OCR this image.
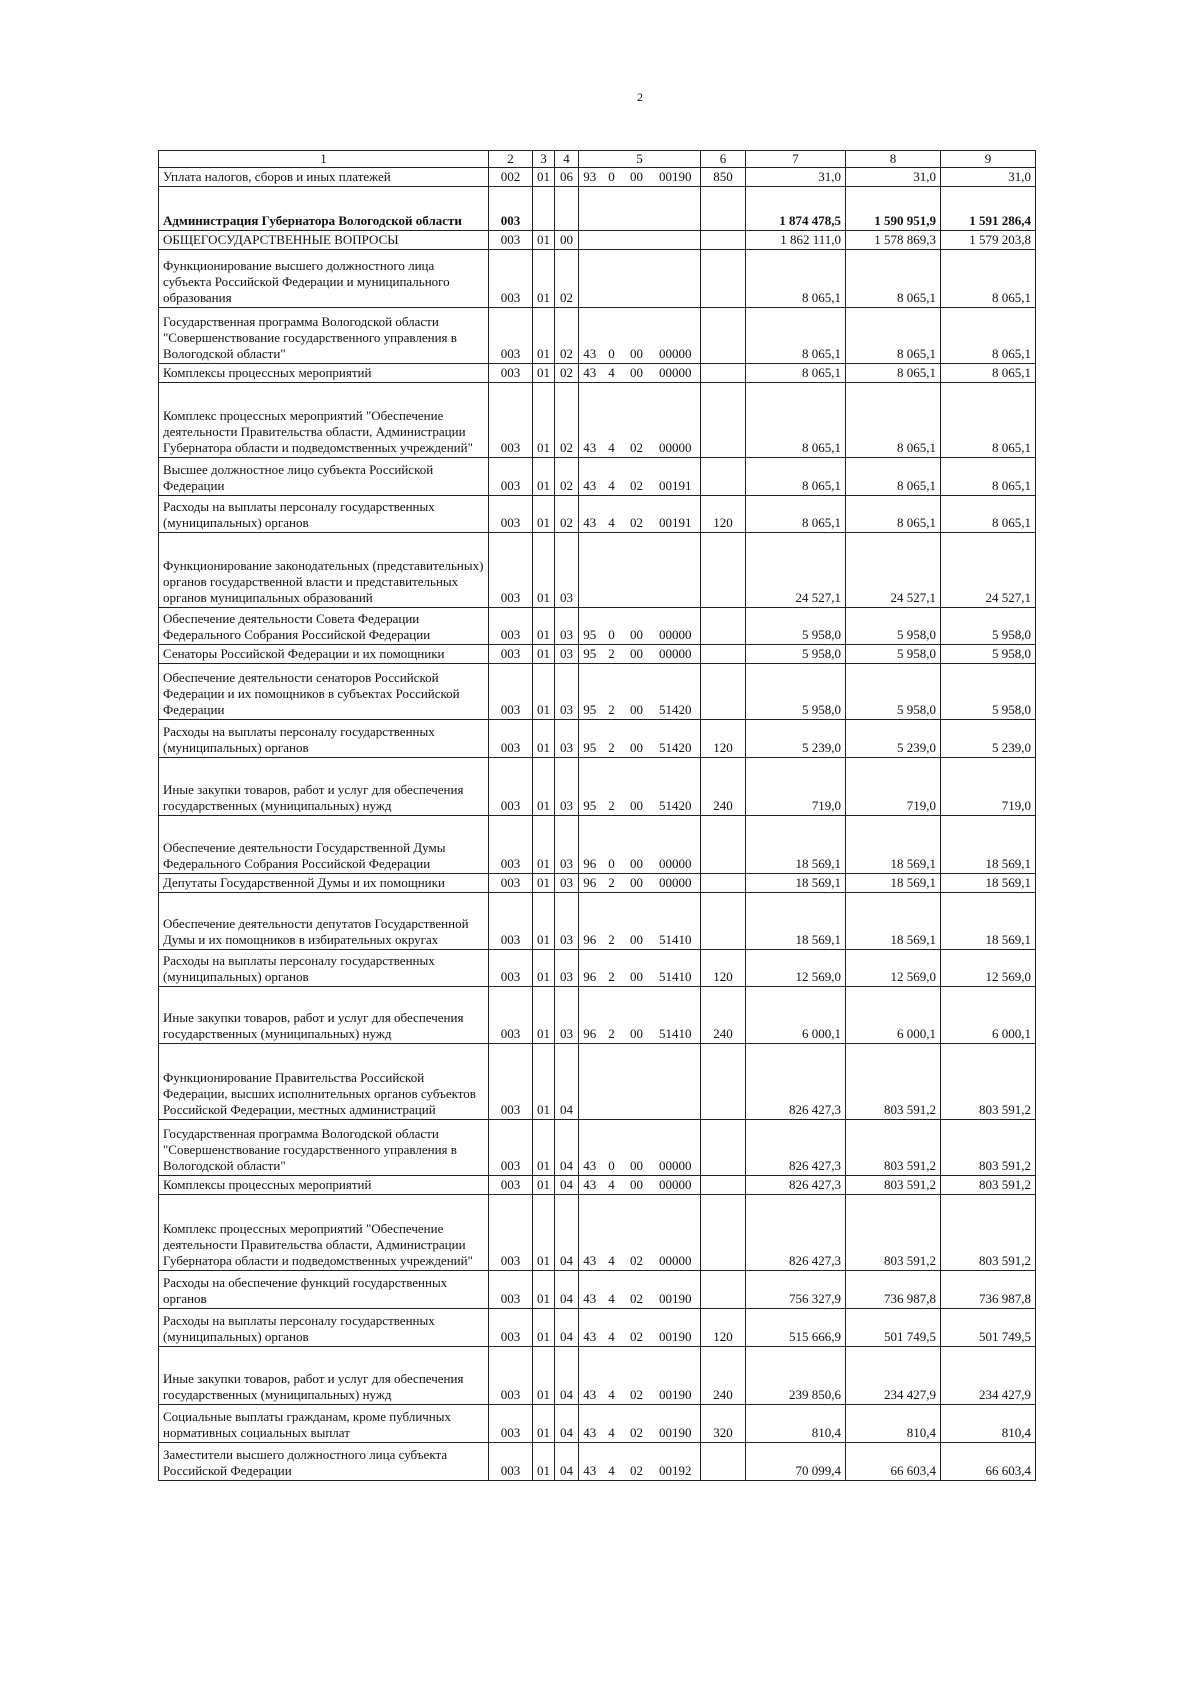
2
1	2	3	4	5				6	7	8	9
Уплата налогов, сборов и иных платежей	002	01	06	93	0	00	00190	850	31,0	31,0	31,0
Администрация Губернатора Вологодской области	003								1 874 478,5	1 590 951,9	1 591 286,4
ОБЩЕГОСУДАРСТВЕННЫЕ ВОПРОСЫ	003	01	00						1 862 111,0	1 578 869,3	1 579 203,8
Функционирование высшего должностного лица субъекта Российской Федерации и муниципального образования	003	01	02						8 065,1	8 065,1	8 065,1
Государственная программа Вологодской области "Совершенствование государственного управления в Вологодской области"	003	01	02	43	0	00	00000		8 065,1	8 065,1	8 065,1
Комплексы процессных мероприятий	003	01	02	43	4	00	00000		8 065,1	8 065,1	8 065,1
Комплекс процессных мероприятий "Обеспечение деятельности Правительства области, Администрации Губернатора области и подведомственных учреждений"	003	01	02	43	4	02	00000		8 065,1	8 065,1	8 065,1
Высшее должностное лицо субъекта Российской Федерации	003	01	02	43	4	02	00191		8 065,1	8 065,1	8 065,1
Расходы на выплаты персоналу государственных (муниципальных) органов	003	01	02	43	4	02	00191	120	8 065,1	8 065,1	8 065,1
Функционирование законодательных (представительных) органов государственной власти и представительных органов муниципальных образований	003	01	03						24 527,1	24 527,1	24 527,1
Обеспечение деятельности Совета Федерации Федерального Собрания Российской Федерации	003	01	03	95	0	00	00000		5 958,0	5 958,0	5 958,0
Сенаторы Российской Федерации и их помощники	003	01	03	95	2	00	00000		5 958,0	5 958,0	5 958,0
Обеспечение деятельности сенаторов Российской Федерации и их помощников в субъектах Российской Федерации	003	01	03	95	2	00	51420		5 958,0	5 958,0	5 958,0
Расходы на выплаты персоналу государственных (муниципальных) органов	003	01	03	95	2	00	51420	120	5 239,0	5 239,0	5 239,0
Иные закупки товаров, работ и услуг для обеспечения государственных (муниципальных) нужд	003	01	03	95	2	00	51420	240	719,0	719,0	719,0
Обеспечение деятельности Государственной Думы Федерального Собрания Российской Федерации	003	01	03	96	0	00	00000		18 569,1	18 569,1	18 569,1
Депутаты Государственной Думы и их помощники	003	01	03	96	2	00	00000		18 569,1	18 569,1	18 569,1
Обеспечение деятельности депутатов Государственной Думы и их помощников в избирательных округах	003	01	03	96	2	00	51410		18 569,1	18 569,1	18 569,1
Расходы на выплаты персоналу государственных (муниципальных) органов	003	01	03	96	2	00	51410	120	12 569,0	12 569,0	12 569,0
Иные закупки товаров, работ и услуг для обеспечения государственных (муниципальных) нужд	003	01	03	96	2	00	51410	240	6 000,1	6 000,1	6 000,1
Функционирование Правительства Российской Федерации, высших исполнительных органов субъектов Российской Федерации, местных администраций	003	01	04						826 427,3	803 591,2	803 591,2
Государственная программа Вологодской области "Совершенствование государственного управления в Вологодской области"	003	01	04	43	0	00	00000		826 427,3	803 591,2	803 591,2
Комплексы процессных мероприятий	003	01	04	43	4	00	00000		826 427,3	803 591,2	803 591,2
Комплекс процессных мероприятий "Обеспечение деятельности Правительства области, Администрации Губернатора области и подведомственных учреждений"	003	01	04	43	4	02	00000		826 427,3	803 591,2	803 591,2
Расходы на обеспечение функций государственных органов	003	01	04	43	4	02	00190		756 327,9	736 987,8	736 987,8
Расходы на выплаты персоналу государственных (муниципальных) органов	003	01	04	43	4	02	00190	120	515 666,9	501 749,5	501 749,5
Иные закупки товаров, работ и услуг для обеспечения государственных (муниципальных) нужд	003	01	04	43	4	02	00190	240	239 850,6	234 427,9	234 427,9
Социальные выплаты гражданам, кроме публичных нормативных социальных выплат	003	01	04	43	4	02	00190	320	810,4	810,4	810,4
Заместители высшего должностного лица субъекта Российской Федерации	003	01	04	43	4	02	00192		70 099,4	66 603,4	66 603,4
